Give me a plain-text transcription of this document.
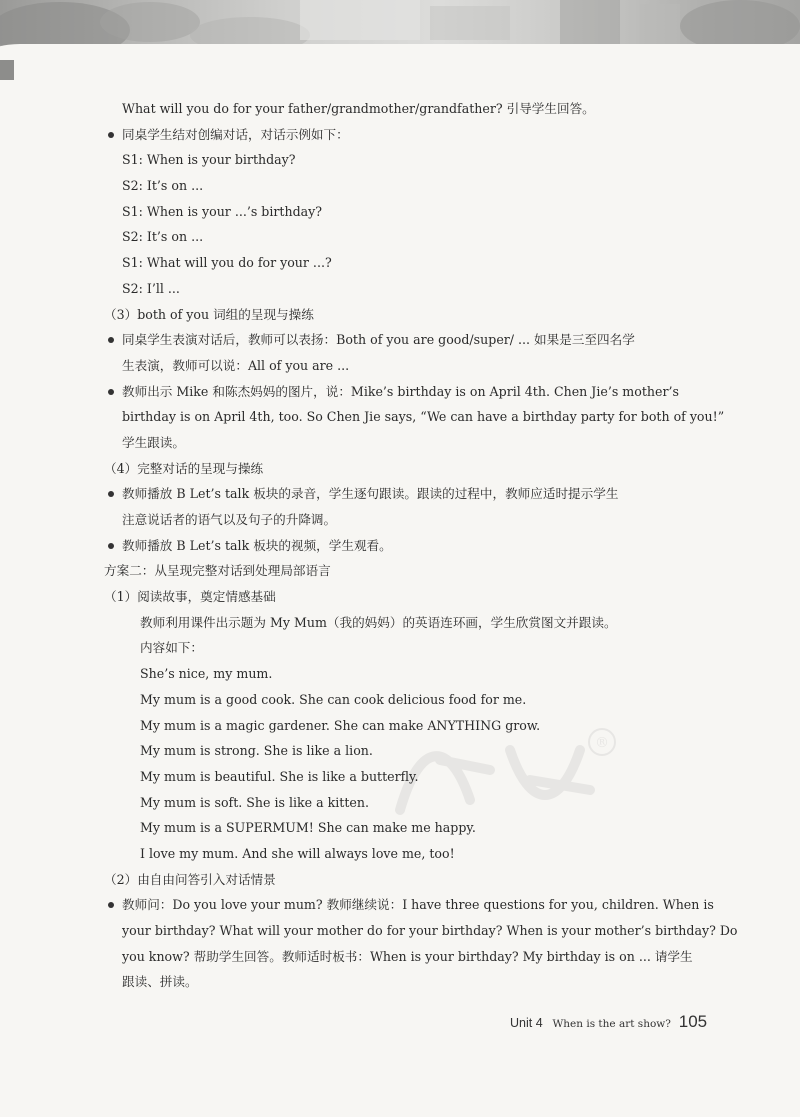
®
What will you do for your father/grandmother/grandfather? 引导学生回答。
同桌学生结对创编对话，对话示例如下：
S1: When is your birthday?
S2: It’s on ...
S1: When is your ...’s birthday?
S2: It’s on ...
S1: What will you do for your ...?
S2: I’ll ...
（3）both of you 词组的呈现与操练
同桌学生表演对话后，教师可以表扬：Both of you are good/super/ ... 如果是三至四名学
生表演，教师可以说：All of you are ...
教师出示 Mike 和陈杰妈妈的图片，说：Mike’s birthday is on April 4th. Chen Jie’s mother’s
birthday is on April 4th, too. So Chen Jie says, “We can have a birthday party for both of you!”
学生跟读。
（4）完整对话的呈现与操练
教师播放 B Let’s talk 板块的录音，学生逐句跟读。跟读的过程中，教师应适时提示学生
注意说话者的语气以及句子的升降调。
教师播放 B Let’s talk 板块的视频，学生观看。
方案二：从呈现完整对话到处理局部语言
（1）阅读故事，奠定情感基础
教师利用课件出示题为 My Mum（我的妈妈）的英语连环画，学生欣赏图文并跟读。
内容如下：
She’s nice, my mum.
My mum is a good cook. She can cook delicious food for me.
My mum is a magic gardener. She can make ANYTHING grow.
My mum is strong. She is like a lion.
My mum is beautiful. She is like a butterfly.
My mum is soft. She is like a kitten.
My mum is a SUPERMUM! She can make me happy.
I love my mum. And she will always love me, too!
（2）由自由问答引入对话情景
教师问：Do you love your mum? 教师继续说：I have three questions for you, children. When is
your birthday? What will your mother do for your birthday? When is your mother’s birthday? Do
you know? 帮助学生回答。教师适时板书：When is your birthday? My birthday is on ... 请学生
跟读、拼读。
Unit 4 When is the art show? 105
